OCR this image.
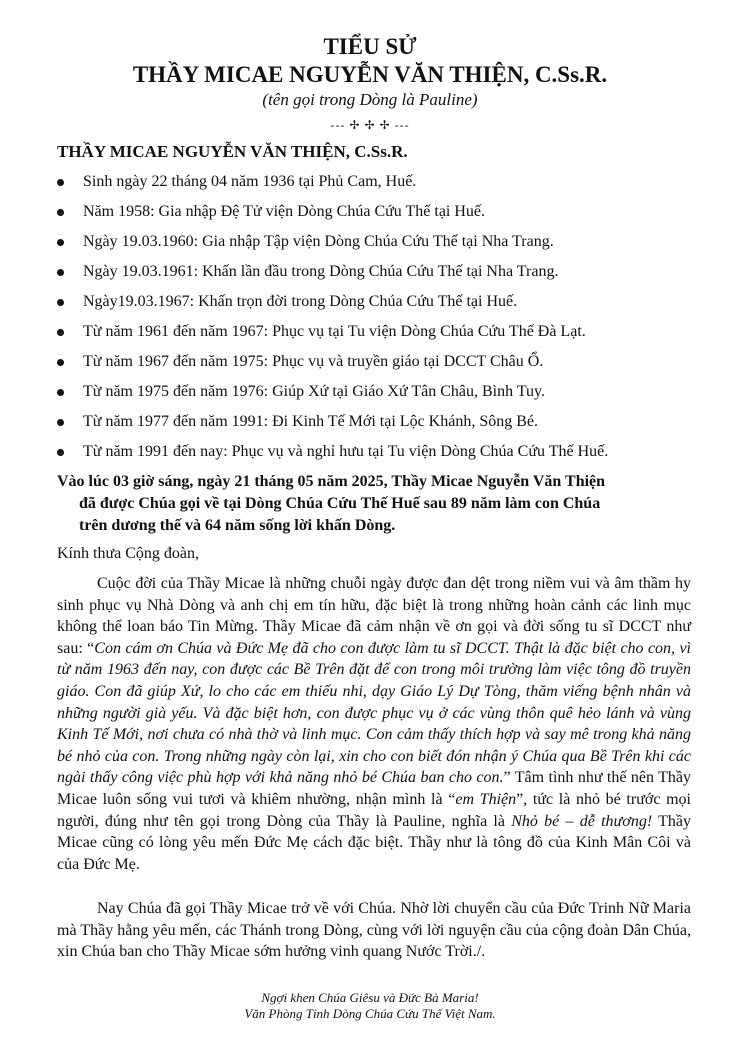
TIỂU SỬ
THẦY MICAE NGUYỄN VĂN THIỆN, C.Ss.R.
(tên gọi trong Dòng là Pauline)
--- ✢ ✢ ✢ ---
THẦY MICAE NGUYỄN VĂN THIỆN, C.Ss.R.
Sinh ngày 22 tháng 04 năm 1936 tại Phủ Cam, Huế.
Năm 1958: Gia nhập Đệ Tử viện Dòng Chúa Cứu Thế tại Huế.
Ngày 19.03.1960: Gia nhập Tập viện Dòng Chúa Cứu Thế tại Nha Trang.
Ngày 19.03.1961: Khấn lần đầu trong Dòng Chúa Cứu Thế tại Nha Trang.
Ngày19.03.1967: Khấn trọn đời trong Dòng Chúa Cứu Thế tại Huế.
Từ năm 1961 đến năm 1967: Phục vụ tại Tu viện Dòng Chúa Cứu Thế Đà Lạt.
Từ năm 1967 đến năm 1975: Phục vụ và truyền giáo tại DCCT Châu Ổ.
Từ năm 1975 đến năm 1976: Giúp Xứ tại Giáo Xứ Tân Châu, Bình Tuy.
Từ năm 1977 đến năm 1991: Đi Kinh Tế Mới tại Lộc Khánh, Sông Bé.
Từ năm 1991 đến nay: Phục vụ và nghỉ hưu tại Tu viện Dòng Chúa Cứu Thế Huế.
Vào lúc 03 giờ sáng, ngày 21 tháng 05 năm 2025, Thầy Micae Nguyễn Văn Thiện
đã được Chúa gọi về tại Dòng Chúa Cứu Thế Huế sau 89 năm làm con Chúa
trên dương thế và 64 năm sống lời khấn Dòng.

Kính thưa Cộng đoàn,

Cuộc đời của Thầy Micae là những chuỗi ngày được đan dệt trong niềm vui và âm thầm hy sinh phục vụ Nhà Dòng và anh chị em tín hữu, đặc biệt là trong những hoàn cảnh các linh mục không thể loan báo Tin Mừng. Thầy Micae đã cảm nhận về ơn gọi và đời sống tu sĩ DCCT như sau: “Con cám ơn Chúa và Đức Mẹ đã cho con được làm tu sĩ DCCT. Thật là đặc biệt cho con, vì từ năm 1963 đến nay, con được các Bề Trên đặt để con trong môi trường làm việc tông đồ truyền giáo. Con đã giúp Xứ, lo cho các em thiếu nhi, dạy Giáo Lý Dự Tòng, thăm viếng bệnh nhân và những người già yếu. Và đặc biệt hơn, con được phục vụ ở các vùng thôn quê hẻo lánh và vùng Kinh Tế Mới, nơi chưa có nhà thờ và linh mục. Con cảm thấy thích hợp và say mê trong khả năng bé nhỏ của con. Trong những ngày còn lại, xin cho con biết đón nhận ý Chúa qua Bề Trên khi các ngài thấy công việc phù hợp với khả năng nhỏ bé Chúa ban cho con.” Tâm tình như thế nên Thầy Micae luôn sống vui tươi và khiêm nhường, nhận mình là “em Thiện”, tức là nhỏ bé trước mọi người, đúng như tên gọi trong Dòng của Thầy là Pauline, nghĩa là Nhỏ bé – dễ thương! Thầy Micae cũng có lòng yêu mến Đức Mẹ cách đặc biệt. Thầy như là tông đồ của Kinh Mân Côi và của Đức Mẹ.

Nay Chúa đã gọi Thầy Micae trở về với Chúa. Nhờ lời chuyển cầu của Đức Trinh Nữ Maria mà Thầy hằng yêu mến, các Thánh trong Dòng, cùng với lời nguyện cầu của cộng đoàn Dân Chúa, xin Chúa ban cho Thầy Micae sớm hưởng vinh quang Nước Trời./.

Ngợi khen Chúa Giêsu và Đức Bà Maria!
Văn Phòng Tỉnh Dòng Chúa Cứu Thế Việt Nam.
